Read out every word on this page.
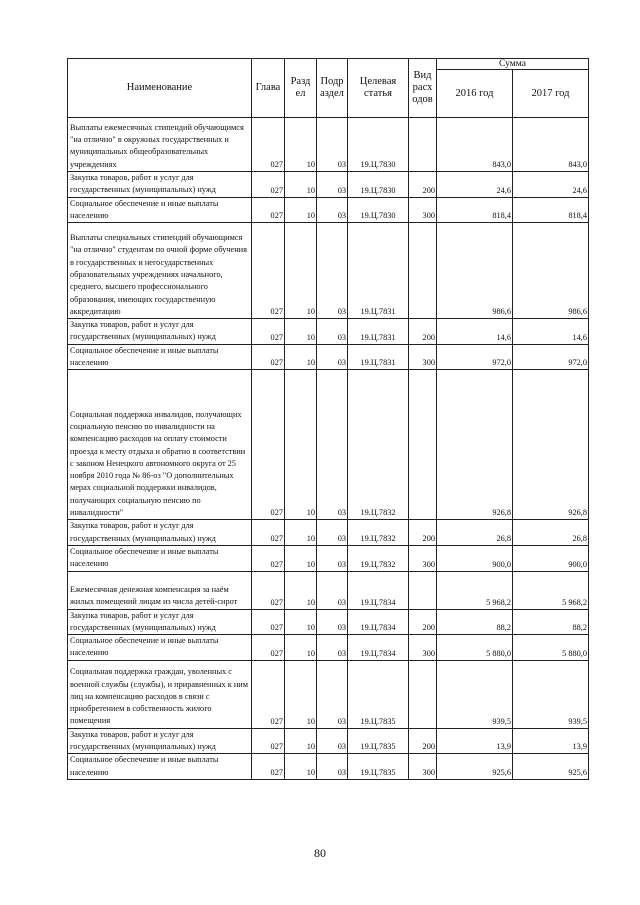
Наименование	Глава	Разд ел	Подр аздел	Целевая статья	Вид расх одов	Сумма	
						2016 год	2017 год
Выплаты ежемесячных стипендий обучающимся "на отлично" в окружных государственных и муниципальных общеобразовательных учреждениях	027	10	03	19.Ц.7830		843,0	843,0
Закупка товаров, работ и услуг для государственных (муниципальных) нужд	027	10	03	19.Ц.7830	200	24,6	24,6
Социальное обеспечение и иные выплаты населению	027	10	03	19.Ц.7830	300	818,4	818,4
Выплаты специальных стипендий обучающимся "на отлично" студентам по очной форме обучения в государственных и негосударственных образовательных учреждениях начального, среднего, высшего профессионального образования, имеющих государственную аккредитацию	027	10	03	19.Ц.7831		986,6	986,6
Закупка товаров, работ и услуг для государственных (муниципальных) нужд	027	10	03	19.Ц.7831	200	14,6	14,6
Социальное обеспечение и иные выплаты населению	027	10	03	19.Ц.7831	300	972,0	972,0
Социальная поддержка инвалидов, получающих социальную пенсию по инвалидности на компенсацию расходов на оплату стоимости проезда к месту отдыха и обратно в соответствии с законом Ненецкого автономного округа от 25 ноября 2010 года № 86-оз "О дополнительных мерах социальной поддержки инвалидов, получающих социальную пенсию по инвалидности"	027	10	03	19.Ц.7832		926,8	926,8
Закупка товаров, работ и услуг для государственных (муниципальных) нужд	027	10	03	19.Ц.7832	200	26,8	26,8
Социальное обеспечение и иные выплаты населению	027	10	03	19.Ц.7832	300	900,0	900,0
Ежемесячная денежная компенсация за наём жилых помещений лицам из числа детей-сирот	027	10	03	19.Ц.7834		5 968,2	5 968,2
Закупка товаров, работ и услуг для государственных (муниципальных) нужд	027	10	03	19.Ц.7834	200	88,2	88,2
Социальное обеспечение и иные выплаты населению	027	10	03	19.Ц.7834	300	5 880,0	5 880,0
Социальная поддержка граждан, уволенных с военной службы (службы), и приравненных к ним лиц на компенсацию расходов в связи с приобретением в собственность жилого помещения	027	10	03	19.Ц.7835		939,5	939,5
Закупка товаров, работ и услуг для государственных (муниципальных) нужд	027	10	03	19.Ц.7835	200	13,9	13,9
Социальное обеспечение и иные выплаты населению	027	10	03	19.Ц.7835	300	925,6	925,6
80
